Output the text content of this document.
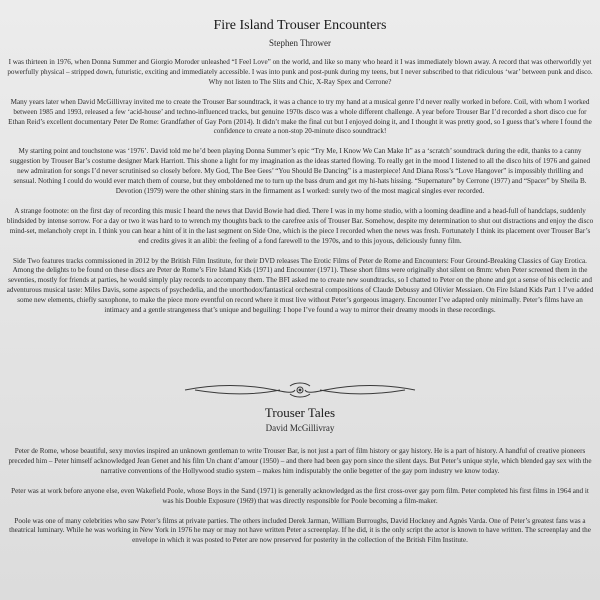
Fire Island Trouser Encounters
Stephen Thrower

I was thirteen in 1976, when Donna Summer and Giorgio Moroder unleashed “I Feel Love” on the world, and like so many who heard it I was immediately blown away. A record that was otherworldly yet powerfully physical – stripped down, futuristic, exciting and immediately accessible. I was into punk and post-punk during my teens, but I never subscribed to that ridiculous ‘war’ between punk and disco. Why not listen to The Slits and Chic, X-Ray Spex and Cerrone?

Many years later when David McGillivray invited me to create the Trouser Bar soundtrack, it was a chance to try my hand at a musical genre I’d never really worked in before. Coil, with whom I worked between 1985 and 1993, released a few ‘acid-house’ and techno-influenced tracks, but genuine 1970s disco was a whole different challenge. A year before Trouser Bar I’d recorded a short disco cue for Ethan Reid’s excellent documentary Peter De Rome: Grandfather of Gay Porn (2014). It didn’t make the final cut but I enjoyed doing it, and I thought it was pretty good, so I guess that’s where I found the confidence to create a non-stop 20-minute disco soundtrack!

My starting point and touchstone was ‘1976’. David told me he’d been playing Donna Summer’s epic “Try Me, I Know We Can Make It” as a ‘scratch’ soundtrack during the edit, thanks to a canny suggestion by Trouser Bar’s costume designer Mark Harriott. This shone a light for my imagination as the ideas started flowing. To really get in the mood I listened to all the disco hits of 1976 and gained new admiration for songs I’d never scrutinised so closely before. My God, The Bee Gees’ “You Should Be Dancing” is a masterpiece! And Diana Ross’s “Love Hangover” is impossibly thrilling and sensual. Nothing I could do would ever match them of course, but they emboldened me to turn up the bass drum and get my hi-hats hissing. “Supernature” by Cerrone (1977) and “Spacer” by Sheila B. Devotion (1979) were the other shining stars in the firmament as I worked: surely two of the most magical singles ever recorded.

A strange footnote: on the first day of recording this music I heard the news that David Bowie had died. There I was in my home studio, with a looming deadline and a head-full of handclaps, suddenly blindsided by intense sorrow. For a day or two it was hard to to wrench my thoughts back to the carefree axis of Trouser Bar. Somehow, despite my determination to shut out distractions and enjoy the disco mind-set, melancholy crept in. I think you can hear a hint of it in the last segment on Side One, which is the piece I recorded when the news was fresh. Fortunately I think its placement over Trouser Bar’s end credits gives it an alibi: the feeling of a fond farewell to the 1970s, and to this joyous, deliciously funny film.

Side Two features tracks commissioned in 2012 by the British Film Institute, for their DVD releases The Erotic Films of Peter de Rome and Encounters: Four Ground-Breaking Classics of Gay Erotica. Among the delights to be found on these discs are Peter de Rome’s Fire Island Kids (1971) and Encounter (1971). These short films were originally shot silent on 8mm: when Peter screened them in the seventies, mostly for friends at parties, he would simply play records to accompany them. The BFI asked me to create new soundtracks, so I chatted to Peter on the phone and got a sense of his eclectic and adventurous musical taste: Miles Davis, some aspects of psychedelia, and the unorthodox/fantastical orchestral compositions of Claude Debussy and Olivier Messiaen. On Fire Island Kids Part 1 I’ve added some new elements, chiefly saxophone, to make the piece more eventful on record where it must live without Peter’s gorgeous imagery. Encounter I’ve adapted only minimally. Peter’s films have an intimacy and a gentle strangeness that’s unique and beguiling: I hope I’ve found a way to mirror their dreamy moods in these recordings.

Trouser Tales
David McGillivray

Peter de Rome, whose beautiful, sexy movies inspired an unknown gentleman to write Trouser Bar, is not just a part of film history or gay history. He is a part of history. A handful of creative pioneers preceded him – Peter himself acknowledged Jean Genet and his film Un chant d’amour (1950) – and there had been gay porn since the silent days. But Peter’s unique style, which blended gay sex with the narrative conventions of the Hollywood studio system – makes him indisputably the onlie begetter of the gay porn industry we know today.

Peter was at work before anyone else, even Wakefield Poole, whose Boys in the Sand (1971) is generally acknowledged as the first cross-over gay porn film. Peter completed his first films in 1964 and it was his Double Exposure (1969) that was directly responsible for Poole becoming a film-maker.

Poole was one of many celebrities who saw Peter’s films at private parties. The others included Derek Jarman, William Burroughs, David Hockney and Agnès Varda. One of Peter’s greatest fans was a theatrical luminary. While he was working in New York in 1976 he may or may not have written Peter a screenplay. If he did, it is the only script the actor is known to have written. The screenplay and the envelope in which it was posted to Peter are now preserved for posterity in the collection of the British Film Institute.
